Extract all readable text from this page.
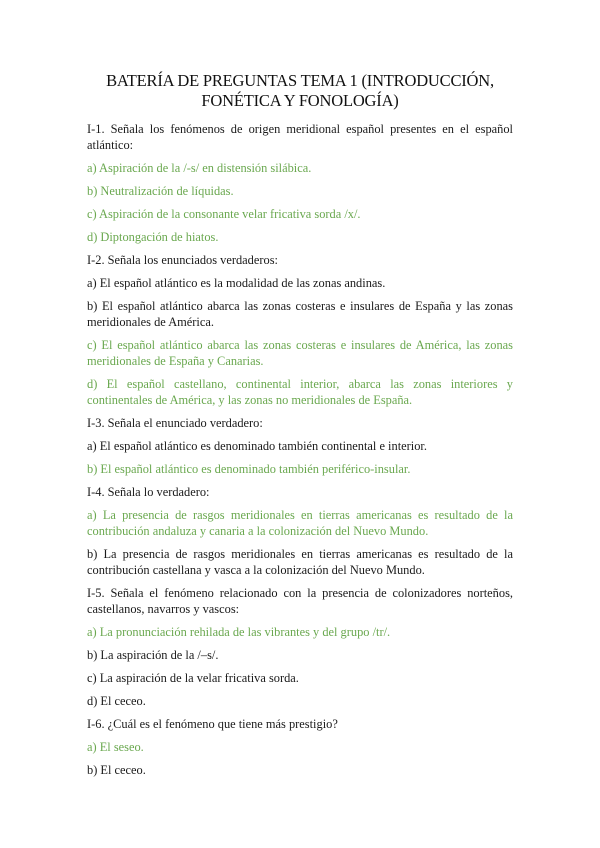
BATERÍA DE PREGUNTAS TEMA 1 (INTRODUCCIÓN,
FONÉTICA Y FONOLOGÍA)

I-1. Señala los fenómenos de origen meridional español presentes en el español atlántico:

a) Aspiración de la /-s/ en distensión silábica.

b) Neutralización de líquidas.

c) Aspiración de la consonante velar fricativa sorda /x/.

d) Diptongación de hiatos.

I-2. Señala los enunciados verdaderos:

a) El español atlántico es la modalidad de las zonas andinas.

b) El español atlántico abarca las zonas costeras e insulares de España y las zonas meridionales de América.

c) El español atlántico abarca las zonas costeras e insulares de América, las zonas meridionales de España y Canarias.

d) El español castellano, continental interior, abarca las zonas interiores y continentales de América, y las zonas no meridionales de España.

I-3. Señala el enunciado verdadero:

a) El español atlántico es denominado también continental e interior.

b) El español atlántico es denominado también periférico-insular.

I-4. Señala lo verdadero:

a) La presencia de rasgos meridionales en tierras americanas es resultado de la contribución andaluza y canaria a la colonización del Nuevo Mundo.

b) La presencia de rasgos meridionales en tierras americanas es resultado de la contribución castellana y vasca a la colonización del Nuevo Mundo.

I-5. Señala el fenómeno relacionado con la presencia de colonizadores norteños, castellanos, navarros y vascos:

a) La pronunciación rehilada de las vibrantes y del grupo /tr/.

b) La aspiración de la /–s/.

c) La aspiración de la velar fricativa sorda.

d) El ceceo.

I-6. ¿Cuál es el fenómeno que tiene más prestigio?

a) El seseo.

b) El ceceo.
